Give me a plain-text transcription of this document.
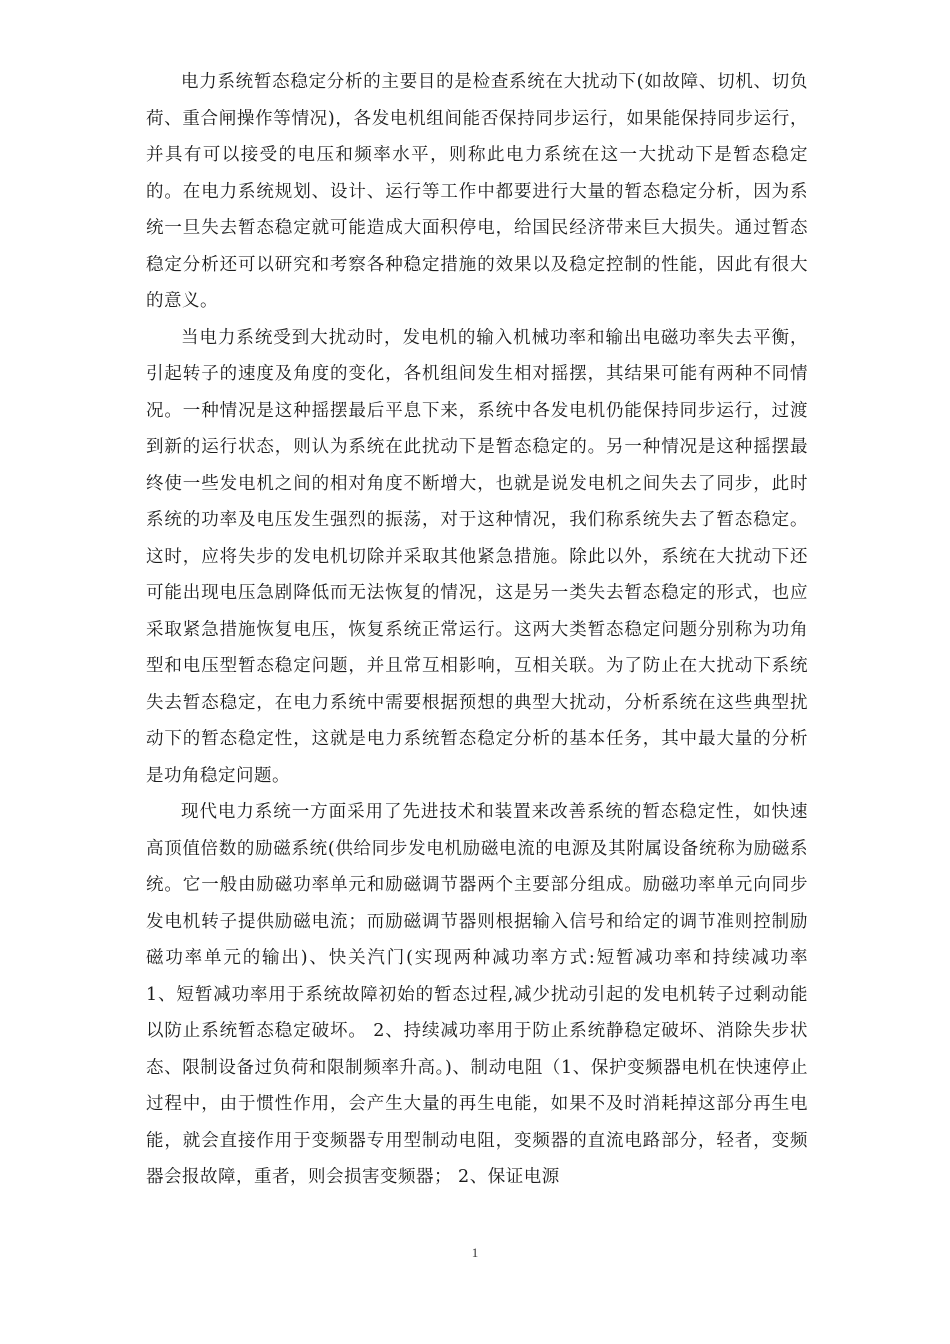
电力系统暂态稳定分析的主要目的是检查系统在大扰动下(如故障、切机、切负荷、重合闸操作等情况)，各发电机组间能否保持同步运行，如果能保持同步运行，并具有可以接受的电压和频率水平，则称此电力系统在这一大扰动下是暂态稳定的。在电力系统规划、设计、运行等工作中都要进行大量的暂态稳定分析，因为系统一旦失去暂态稳定就可能造成大面积停电，给国民经济带来巨大损失。通过暂态稳定分析还可以研究和考察各种稳定措施的效果以及稳定控制的性能，因此有很大的意义。

当电力系统受到大扰动时，发电机的输入机械功率和输出电磁功率失去平衡，引起转子的速度及角度的变化，各机组间发生相对摇摆，其结果可能有两种不同情况。一种情况是这种摇摆最后平息下来，系统中各发电机仍能保持同步运行，过渡到新的运行状态，则认为系统在此扰动下是暂态稳定的。另一种情况是这种摇摆最终使一些发电机之间的相对角度不断增大，也就是说发电机之间失去了同步，此时系统的功率及电压发生强烈的振荡，对于这种情况，我们称系统失去了暂态稳定。这时，应将失步的发电机切除并采取其他紧急措施。除此以外，系统在大扰动下还可能出现电压急剧降低而无法恢复的情况，这是另一类失去暂态稳定的形式，也应采取紧急措施恢复电压，恢复系统正常运行。这两大类暂态稳定问题分别称为功角型和电压型暂态稳定问题，并且常互相影响，互相关联。为了防止在大扰动下系统失去暂态稳定，在电力系统中需要根据预想的典型大扰动，分析系统在这些典型扰动下的暂态稳定性，这就是电力系统暂态稳定分析的基本任务，其中最大量的分析是功角稳定问题。

现代电力系统一方面采用了先进技术和装置来改善系统的暂态稳定性，如快速高顶值倍数的励磁系统(供给同步发电机励磁电流的电源及其附属设备统称为励磁系统。它一般由励磁功率单元和励磁调节器两个主要部分组成。励磁功率单元向同步发电机转子提供励磁电流；而励磁调节器则根据输入信号和给定的调节准则控制励磁功率单元的输出)、快关汽门(实现两种减功率方式:短暂减功率和持续减功率　1、短暂减功率用于系统故障初始的暂态过程,减少扰动引起的发电机转子过剩动能以防止系统暂态稳定破坏。 2、持续减功率用于防止系统静稳定破坏、消除失步状态、限制设备过负荷和限制频率升高。)、制动电阻（1、保护变频器电机在快速停止过程中，由于惯性作用，会产生大量的再生电能，如果不及时消耗掉这部分再生电能，就会直接作用于变频器专用型制动电阻，变频器的直流电路部分，轻者，变频器会报故障，重者，则会损害变频器； 2、保证电源

1
